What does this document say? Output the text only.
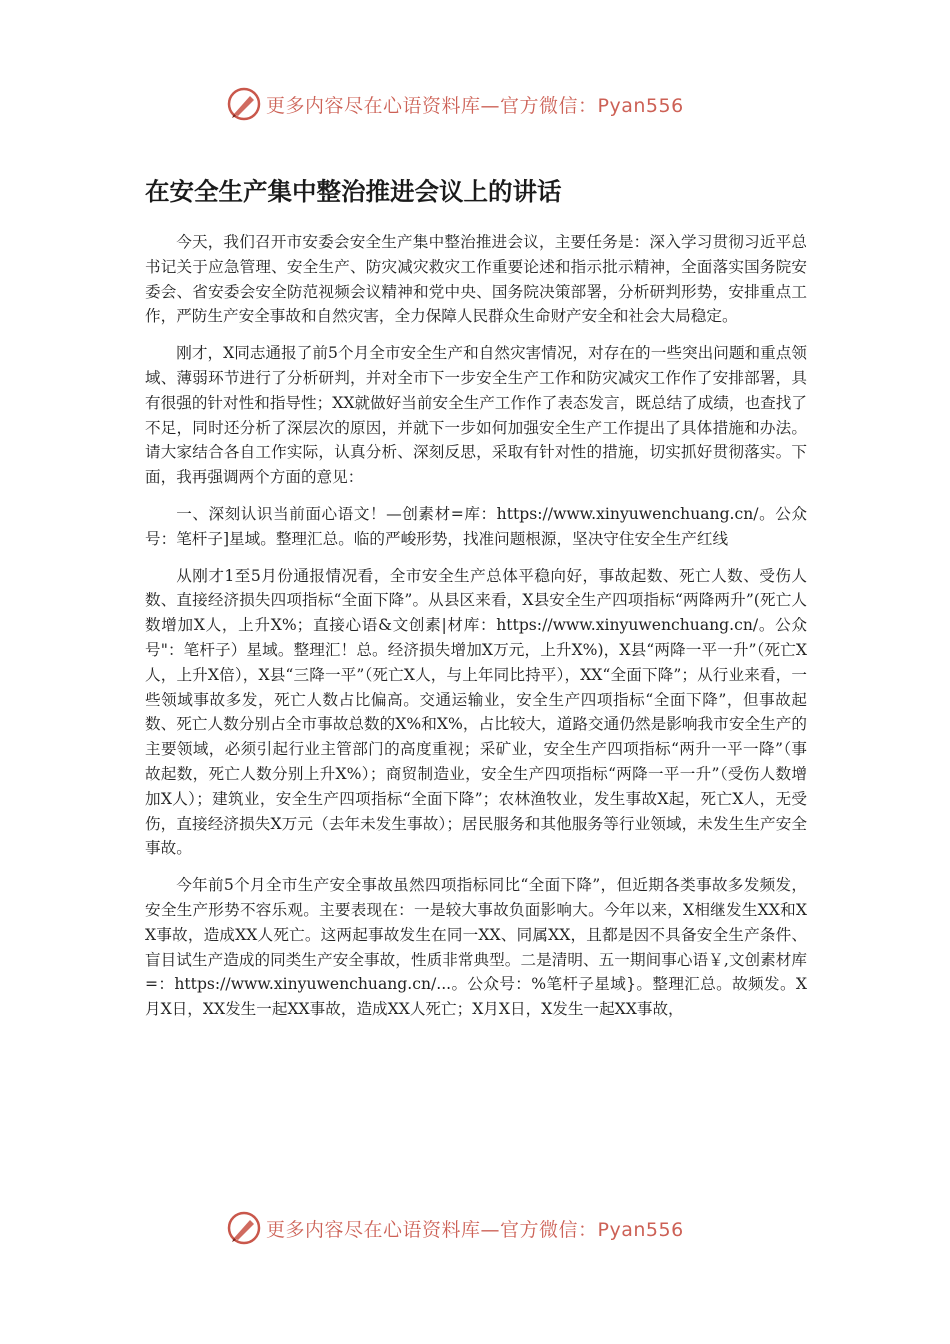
更多内容尽在心语资料库—官方微信：Pyan556
在安全生产集中整治推进会议上的讲话

今天，我们召开市安委会安全生产集中整治推进会议，主要任务是：深入学习贯彻习近平总书记关于应急管理、安全生产、防灾减灾救灾工作重要论述和指示批示精神，全面落实国务院安委会、省安委会安全防范视频会议精神和党中央、国务院决策部署，分析研判形势，安排重点工作，严防生产安全事故和自然灾害，全力保障人民群众生命财产安全和社会大局稳定。

刚才，X同志通报了前5个月全市安全生产和自然灾害情况，对存在的一些突出问题和重点领域、薄弱环节进行了分析研判，并对全市下一步安全生产工作和防灾减灾工作作了安排部署，具有很强的针对性和指导性；XX就做好当前安全生产工作作了表态发言，既总结了成绩，也查找了不足，同时还分析了深层次的原因，并就下一步如何加强安全生产工作提出了具体措施和办法。请大家结合各自工作实际，认真分析、深刻反思，采取有针对性的措施，切实抓好贯彻落实。下面，我再强调两个方面的意见：

一、深刻认识当前面心语文！—创素材=库：https://www.xinyuwenchuang.cn/。公众号：笔杆子]星域。整理汇总。临的严峻形势，找准问题根源，坚决守住安全生产红线

从刚才1至5月份通报情况看，全市安全生产总体平稳向好，事故起数、死亡人数、受伤人数、直接经济损失四项指标“全面下降”。从县区来看，X县安全生产四项指标“两降两升”(死亡人数增加X人，上升X%；直接心语&文创素|材库：https://www.xinyuwenchuang.cn/。公众号"：笔杆子）星域。整理汇！总。经济损失增加X万元，上升X%)，X县“两降一平一升”（死亡X人，上升X倍），X县“三降一平”（死亡X人，与上年同比持平），XX“全面下降”；从行业来看，一些领域事故多发，死亡人数占比偏高。交通运输业，安全生产四项指标“全面下降”，但事故起数、死亡人数分别占全市事故总数的X%和X%，占比较大，道路交通仍然是影响我市安全生产的主要领域，必须引起行业主管部门的高度重视；采矿业，安全生产四项指标“两升一平一降”（事故起数，死亡人数分别上升X%）；商贸制造业，安全生产四项指标“两降一平一升”（受伤人数增加X人）；建筑业，安全生产四项指标“全面下降”；农林渔牧业，发生事故X起，死亡X人，无受伤，直接经济损失X万元（去年未发生事故）；居民服务和其他服务等行业领域，未发生生产安全事故。

今年前5个月全市生产安全事故虽然四项指标同比“全面下降”，但近期各类事故多发频发，安全生产形势不容乐观。主要表现在：一是较大事故负面影响大。今年以来，X相继发生XX和XX事故，造成XX人死亡。这两起事故发生在同一XX、同属XX，且都是因不具备安全生产条件、盲目试生产造成的同类生产安全事故，性质非常典型。二是清明、五一期间事心语￥,文创素材库=：https://www.xinyuwenchuang.cn/...。公众号：%笔杆子星域}。整理汇总。故频发。X月X日，XX发生一起XX事故，造成XX人死亡；X月X日，X发生一起XX事故，

更多内容尽在心语资料库—官方微信：Pyan556
